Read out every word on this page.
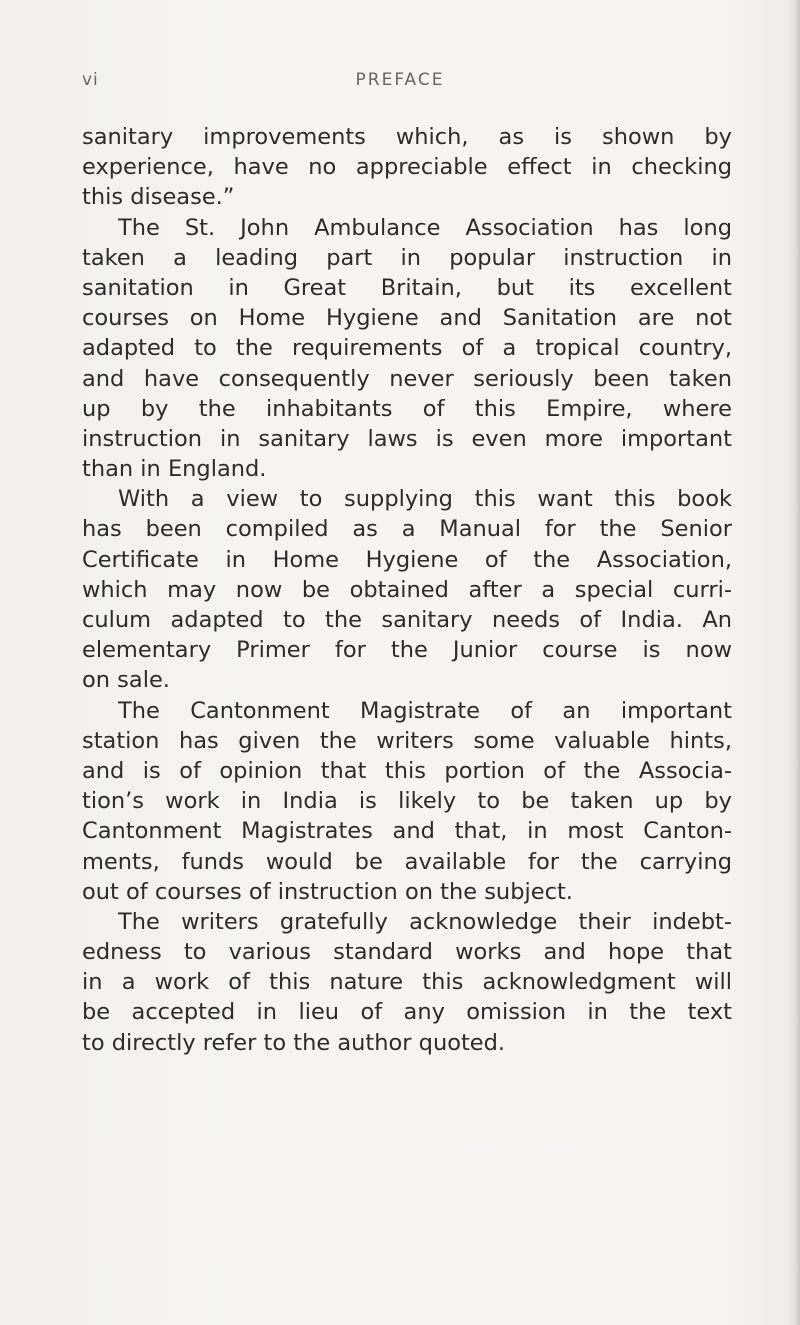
vi	PREFACE
sanitary improvements which, as is shown by
experience, have no appreciable effect in checking
this disease.”
The St. John Ambulance Association has long
taken a leading part in popular instruction in
sanitation in Great Britain, but its excellent
courses on Home Hygiene and Sanitation are not
adapted to the requirements of a tropical country,
and have consequently never seriously been taken
up by the inhabitants of this Empire, where
instruction in sanitary laws is even more important
than in England.
With a view to supplying this want this book
has been compiled as a Manual for the Senior
Certificate in Home Hygiene of the Association,
which may now be obtained after a special curri-
culum adapted to the sanitary needs of India. An
elementary Primer for the Junior course is now
on sale.
The Cantonment Magistrate of an important
station has given the writers some valuable hints,
and is of opinion that this portion of the Associa-
tion’s work in India is likely to be taken up by
Cantonment Magistrates and that, in most Canton-
ments, funds would be available for the carrying
out of courses of instruction on the subject.
The writers gratefully acknowledge their indebt-
edness to various standard works and hope that
in a work of this nature this acknowledgment will
be accepted in lieu of any omission in the text
to directly refer to the author quoted.
